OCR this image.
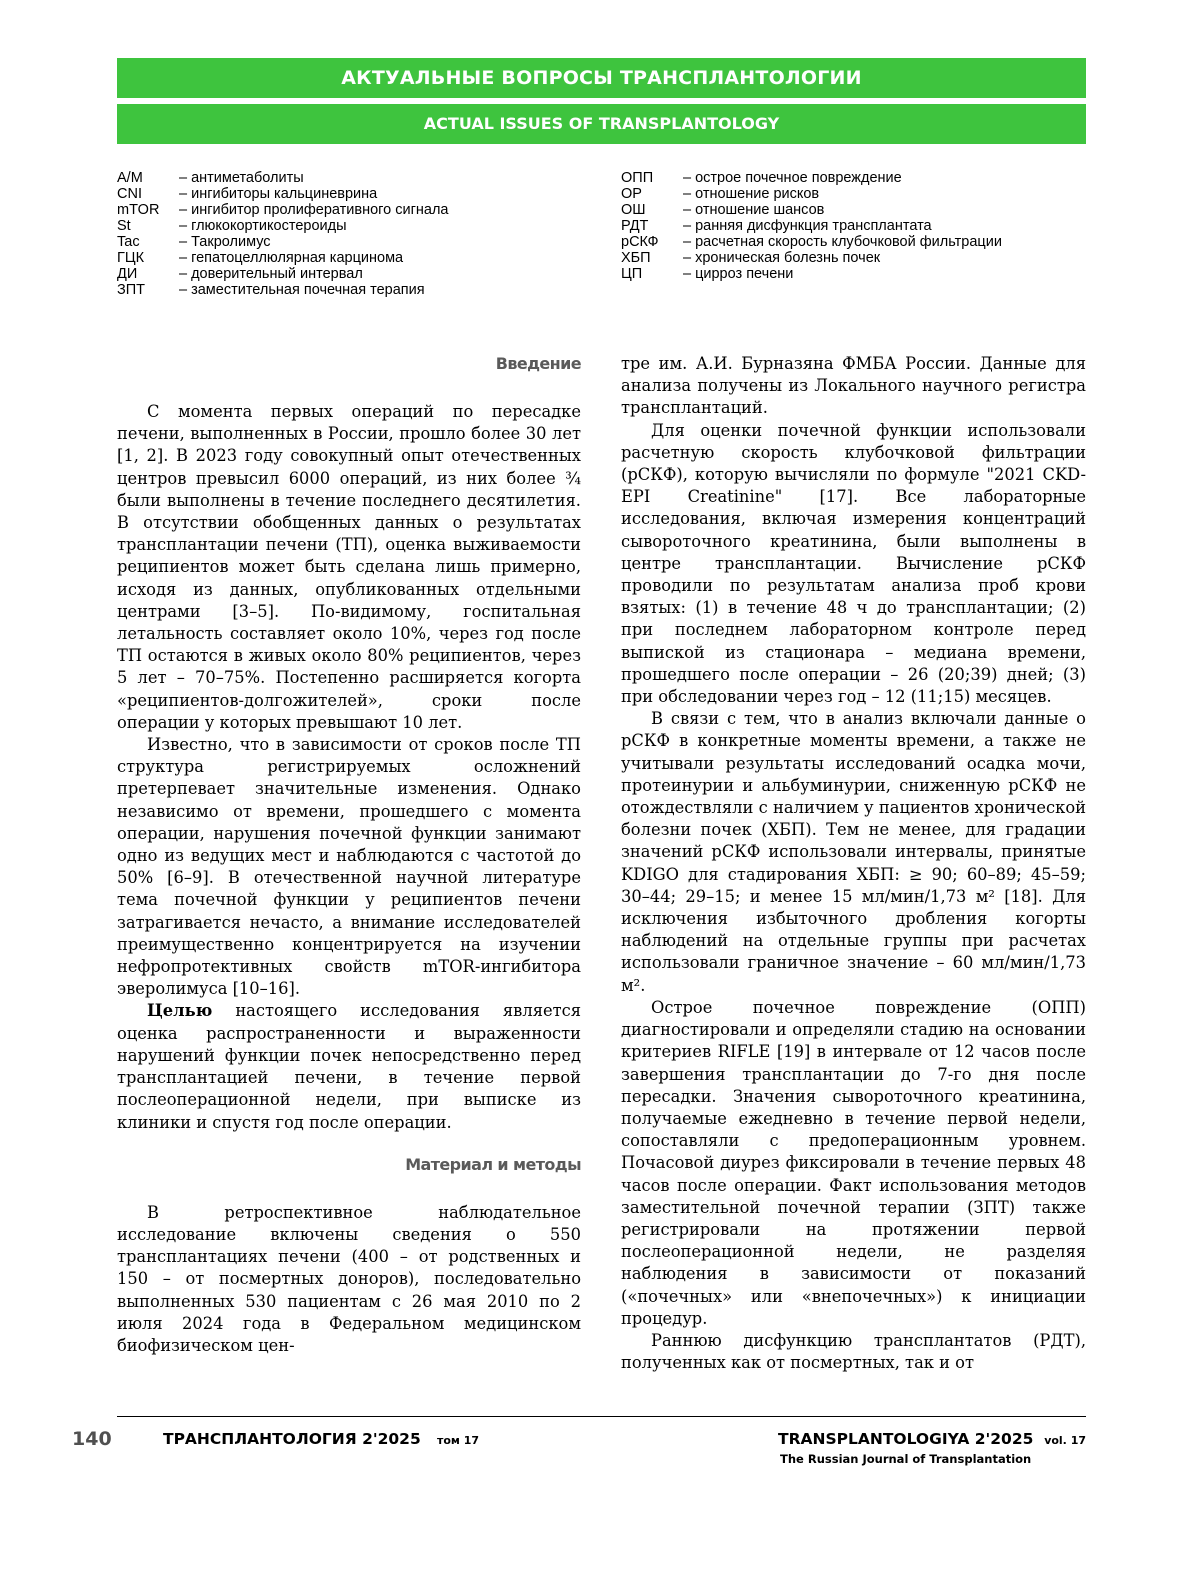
АКТУАЛЬНЫЕ ВОПРОСЫ ТРАНСПЛАНТОЛОГИИ
ACTUAL ISSUES OF TRANSPLANTOLOGY
A/M	– антиметаболиты
CNI	– ингибиторы кальциневрина
mTOR	– ингибитор пролиферативного сигнала
St	– глюкокортикостероиды
Tac	– Такролимус
ГЦК	– гепатоцеллюлярная карцинома
ДИ	– доверительный интервал
ЗПТ	– заместительная почечная терапия
ОПП	– острое почечное повреждение
ОР	– отношение рисков
ОШ	– отношение шансов
РДТ	– ранняя дисфункция трансплантата
рСКФ	– расчетная скорость клубочковой фильтрации
ХБП	– хроническая болезнь почек
ЦП	– цирроз печени
Введение

С момента первых операций по пересадке печени, выполненных в России, прошло более 30 лет [1, 2]. В 2023 году совокупный опыт отечественных центров превысил 6000 операций, из них более ¾ были выполнены в течение последнего десятилетия. В отсутствии обобщенных данных о результатах трансплантации печени (ТП), оценка выживаемости реципиентов может быть сделана лишь примерно, исходя из данных, опубликованных отдельными центрами [3–5]. По-видимому, госпитальная летальность составляет около 10%, через год после ТП остаются в живых около 80% реципиентов, через 5 лет – 70–75%. Постепенно расширяется когорта «реципиентов-долгожителей», сроки после операции у которых превышают 10 лет.

Известно, что в зависимости от сроков после ТП структура регистрируемых осложнений претерпевает значительные изменения. Однако независимо от времени, прошедшего с момента операции, нарушения почечной функции занимают одно из ведущих мест и наблюдаются с частотой до 50% [6–9]. В отечественной научной литературе тема почечной функции у реципиентов печени затрагивается нечасто, а внимание исследователей преимущественно концентрируется на изучении нефропротективных свойств mTOR-ингибитора эверолимуса [10–16].

Целью настоящего исследования является оценка распространенности и выраженности нарушений функции почек непосредственно перед трансплантацией печени, в течение первой послеоперационной недели, при выписке из клиники и спустя год после операции.

Материал и методы

В ретроспективное наблюдательное исследование включены сведения о 550 трансплантациях печени (400 – от родственных и 150 – от посмертных доноров), последовательно выполненных 530 пациентам с 26 мая 2010 по 2 июля 2024 года в Федеральном медицинском биофизическом цен-

тре им. А.И. Бурназяна ФМБА России. Данные для анализа получены из Локального научного регистра трансплантаций.

Для оценки почечной функции использовали расчетную скорость клубочковой фильтрации (рСКФ), которую вычисляли по формуле "2021 CKD-EPI Creatinine" [17]. Все лабораторные исследования, включая измерения концентраций сывороточного креатинина, были выполнены в центре трансплантации. Вычисление рСКФ проводили по результатам анализа проб крови взятых: (1) в течение 48 ч до трансплантации; (2) при последнем лабораторном контроле перед выпиской из стационара – медиана времени, прошедшего после операции – 26 (20;39) дней; (3) при обследовании через год – 12 (11;15) месяцев.

В связи с тем, что в анализ включали данные о рСКФ в конкретные моменты времени, а также не учитывали результаты исследований осадка мочи, протеинурии и альбуминурии, сниженную рСКФ не отождествляли с наличием у пациентов хронической болезни почек (ХБП). Тем не менее, для градации значений рСКФ использовали интервалы, принятые KDIGO для стадирования ХБП: ≥ 90; 60–89; 45–59; 30–44; 29–15; и менее 15 мл/мин/1,73 м² [18]. Для исключения избыточного дробления когорты наблюдений на отдельные группы при расчетах использовали граничное значение – 60 мл/мин/1,73 м².

Острое почечное повреждение (ОПП) диагностировали и определяли стадию на основании критериев RIFLE [19] в интервале от 12 часов после завершения трансплантации до 7-го дня после пересадки. Значения сывороточного креатинина, получаемые ежедневно в течение первой недели, сопоставляли с предоперационным уровнем. Почасовой диурез фиксировали в течение первых 48 часов после операции. Факт использования методов заместительной почечной терапии (ЗПТ) также регистрировали на протяжении первой послеоперационной недели, не разделяя наблюдения в зависимости от показаний («почечных» или «внепочечных») к инициации процедур.

Раннюю дисфункцию трансплантатов (РДТ), полученных как от посмертных, так и от

140	ТРАНСПЛАНТОЛОГИЯ 2'2025 том 17	TRANSPLANTOLOGIYA 2'2025 vol. 17
The Russian Journal of Transplantation
